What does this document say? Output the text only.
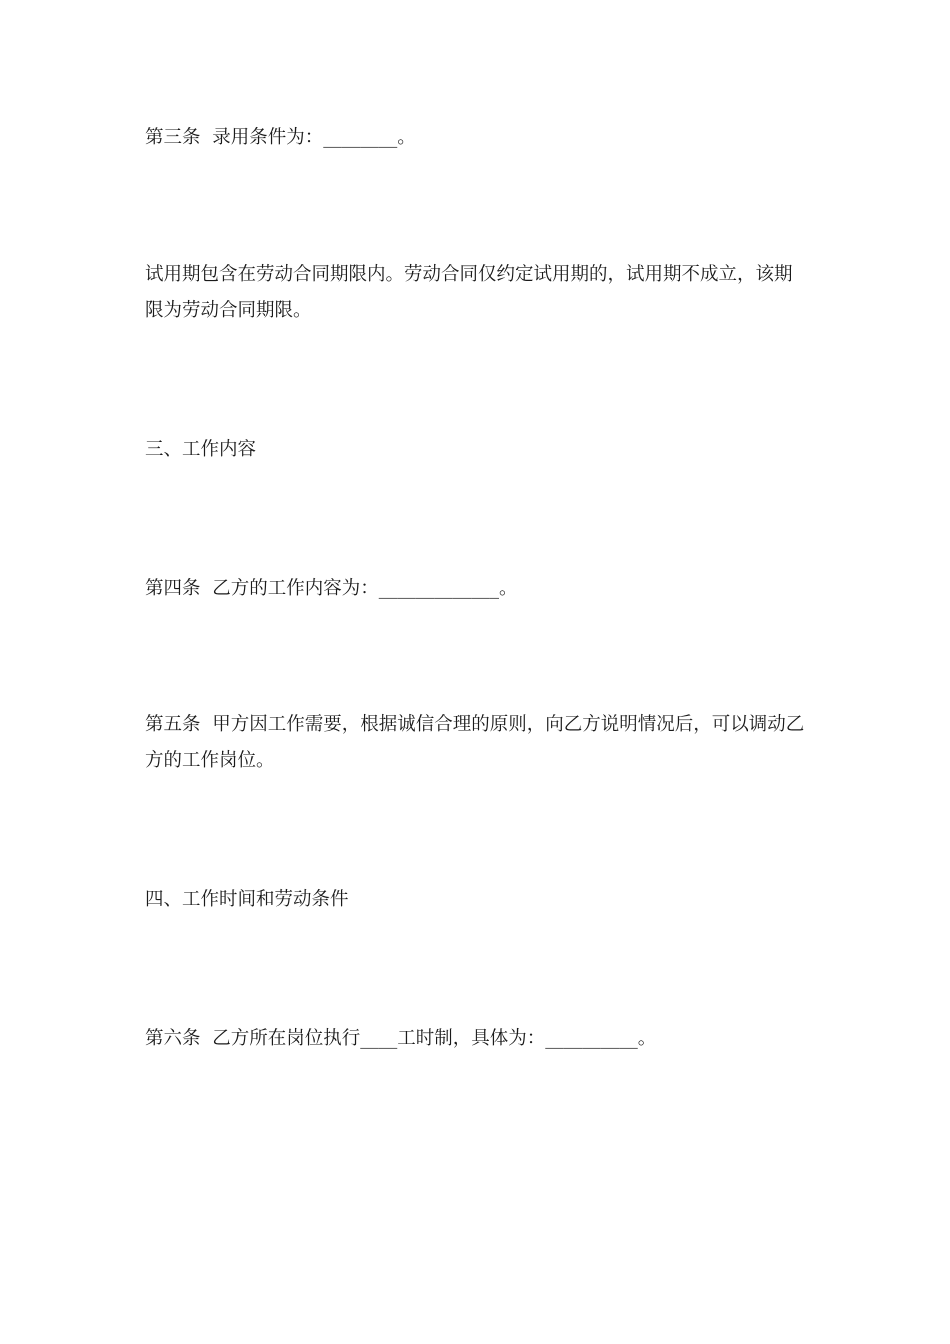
第三条  录用条件为：________。

试用期包含在劳动合同期限内。劳动合同仅约定试用期的，试用期不成立，该期限为劳动合同期限。

三、工作内容

第四条  乙方的工作内容为：_____________。

第五条  甲方因工作需要，根据诚信合理的原则，向乙方说明情况后，可以调动乙方的工作岗位。

四、工作时间和劳动条件

第六条  乙方所在岗位执行____工时制，具体为：__________。
